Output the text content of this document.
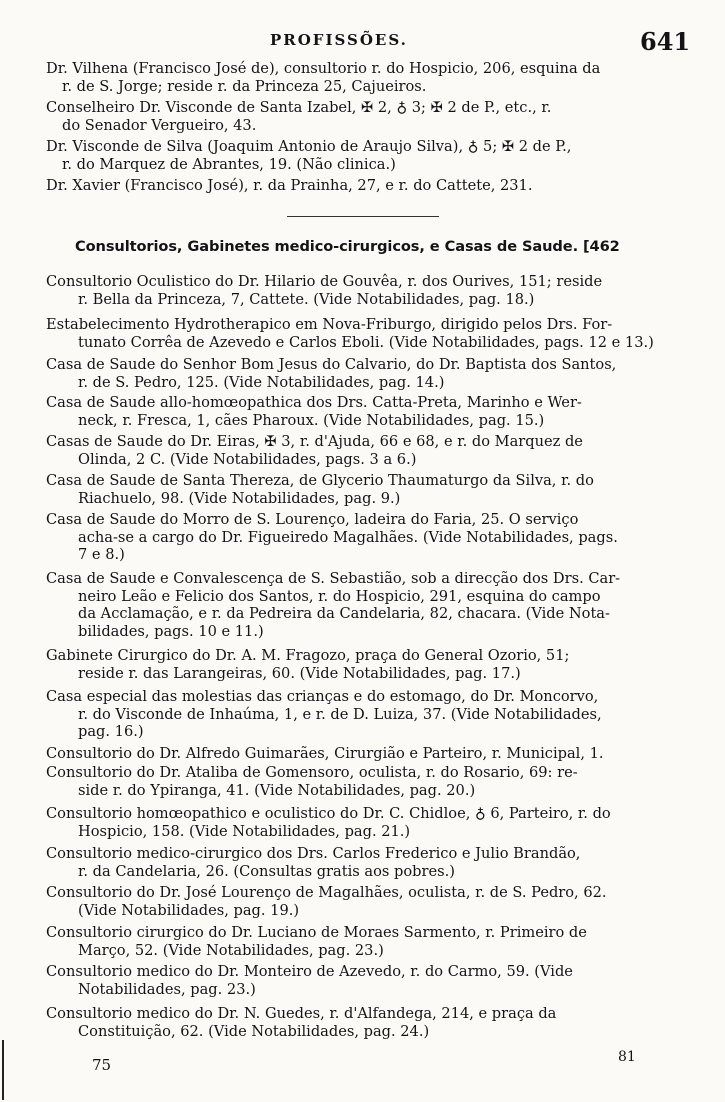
PROFISSÕES.	641
Dr. Vilhena (Francisco José de), consultorio r. do Hospicio, 206, esquina da
r. de S. Jorge; reside r. da Princeza 25, Cajueiros.
Conselheiro Dr. Visconde de Santa Izabel, ✠ 2, ♁ 3; ✠ 2 de P., etc., r.
do Senador Vergueiro, 43.
Dr. Visconde de Silva (Joaquim Antonio de Araujo Silva), ♁ 5; ✠ 2 de P.,
r. do Marquez de Abrantes, 19. (Não clinica.)
Dr. Xavier (Francisco José), r. da Prainha, 27, e r. do Cattete, 231.
Consultorios, Gabinetes medico-cirurgicos, e Casas de Saude. [462
Consultorio Oculistico do Dr. Hilario de Gouvêa, r. dos Ourives, 151; reside
r. Bella da Princeza, 7, Cattete. (Vide Notabilidades, pag. 18.)
Estabelecimento Hydrotherapico em Nova-Friburgo, dirigido pelos Drs. For-
tunato Corrêa de Azevedo e Carlos Eboli. (Vide Notabilidades, pags. 12 e 13.)
Casa de Saude do Senhor Bom Jesus do Calvario, do Dr. Baptista dos Santos,
r. de S. Pedro, 125. (Vide Notabilidades, pag. 14.)
Casa de Saude allo-homœopathica dos Drs. Catta-Preta, Marinho e Wer-
neck, r. Fresca, 1, cães Pharoux. (Vide Notabilidades, pag. 15.)
Casas de Saude do Dr. Eiras, ✠ 3, r. d'Ajuda, 66 e 68, e r. do Marquez de
Olinda, 2 C. (Vide Notabilidades, pags. 3 a 6.)
Casa de Saude de Santa Thereza, de Glycerio Thaumaturgo da Silva, r. do
Riachuelo, 98. (Vide Notabilidades, pag. 9.)
Casa de Saude do Morro de S. Lourenço, ladeira do Faria, 25. O serviço
acha-se a cargo do Dr. Figueiredo Magalhães. (Vide Notabilidades, pags.
7 e 8.)
Casa de Saude e Convalescença de S. Sebastião, sob a direcção dos Drs. Car-
neiro Leão e Felicio dos Santos, r. do Hospicio, 291, esquina do campo
da Acclamação, e r. da Pedreira da Candelaria, 82, chacara. (Vide Nota-
bilidades, pags. 10 e 11.)
Gabinete Cirurgico do Dr. A. M. Fragozo, praça do General Ozorio, 51;
reside r. das Larangeiras, 60. (Vide Notabilidades, pag. 17.)
Casa especial das molestias das crianças e do estomago, do Dr. Moncorvo,
r. do Visconde de Inhaúma, 1, e r. de D. Luiza, 37. (Vide Notabilidades,
pag. 16.)
Consultorio do Dr. Alfredo Guimarães, Cirurgião e Parteiro, r. Municipal, 1.
Consultorio do Dr. Ataliba de Gomensoro, oculista, r. do Rosario, 69: re-
side r. do Ypiranga, 41. (Vide Notabilidades, pag. 20.)
Consultorio homœopathico e oculistico do Dr. C. Chidloe, ♁ 6, Parteiro, r. do
Hospicio, 158. (Vide Notabilidades, pag. 21.)
Consultorio medico-cirurgico dos Drs. Carlos Frederico e Julio Brandão,
r. da Candelaria, 26. (Consultas gratis aos pobres.)
Consultorio do Dr. José Lourenço de Magalhães, oculista, r. de S. Pedro, 62.
(Vide Notabilidades, pag. 19.)
Consultorio cirurgico do Dr. Luciano de Moraes Sarmento, r. Primeiro de
Março, 52. (Vide Notabilidades, pag. 23.)
Consultorio medico do Dr. Monteiro de Azevedo, r. do Carmo, 59. (Vide
Notabilidades, pag. 23.)
Consultorio medico do Dr. N. Guedes, r. d'Alfandega, 214, e praça da
Constituição, 62. (Vide Notabilidades, pag. 24.)
75	81
